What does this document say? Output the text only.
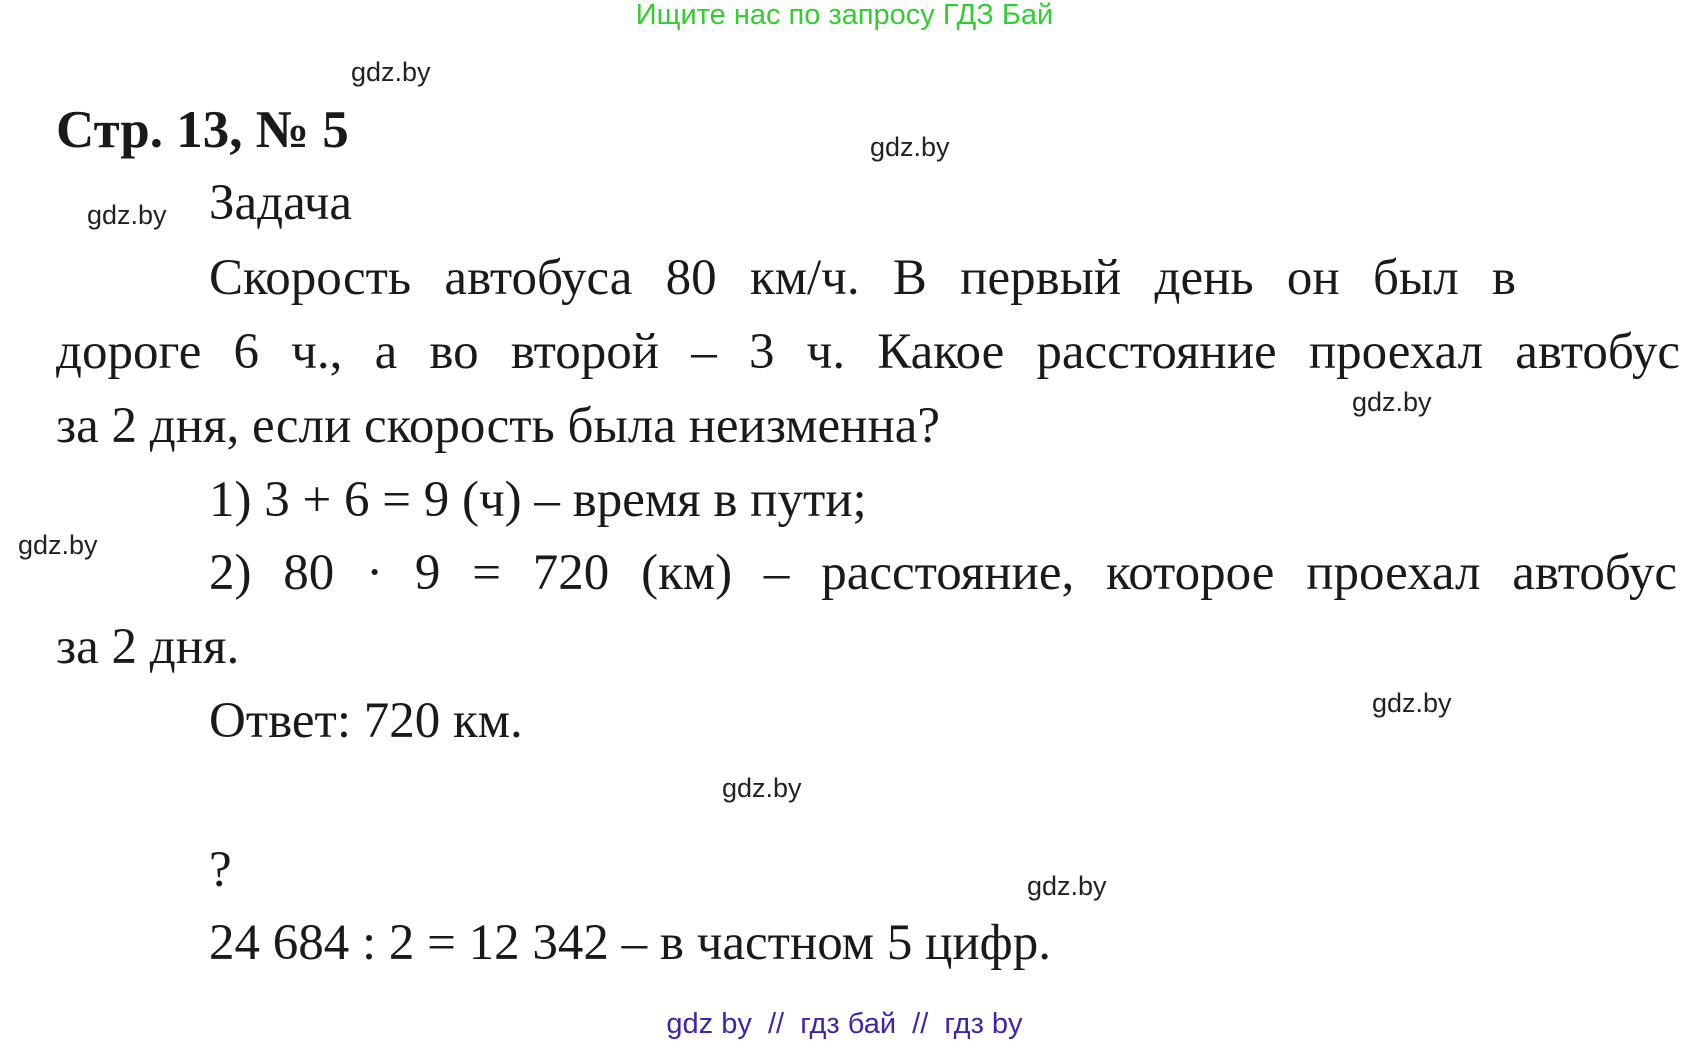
Ищите нас по запросу ГДЗ Бай
gdz.by
gdz.by
gdz.by
gdz.by
gdz.by
gdz.by
gdz.by
gdz.by
Стр. 13, № 5
Задача
Скорость автобуса 80 км/ч. В первый день он был в
дороге 6 ч., а во второй – 3 ч. Какое расстояние проехал автобус
за 2 дня, если скорость была неизменна?
1) 3 + 6 = 9 (ч) – время в пути;
2) 80 · 9 = 720 (км) – расстояние, которое проехал автобус
за 2 дня.
Ответ: 720 км.
?
24 684 : 2 = 12 342 – в частном 5 цифр.
gdz by  //  гдз бай  //  гдз by
